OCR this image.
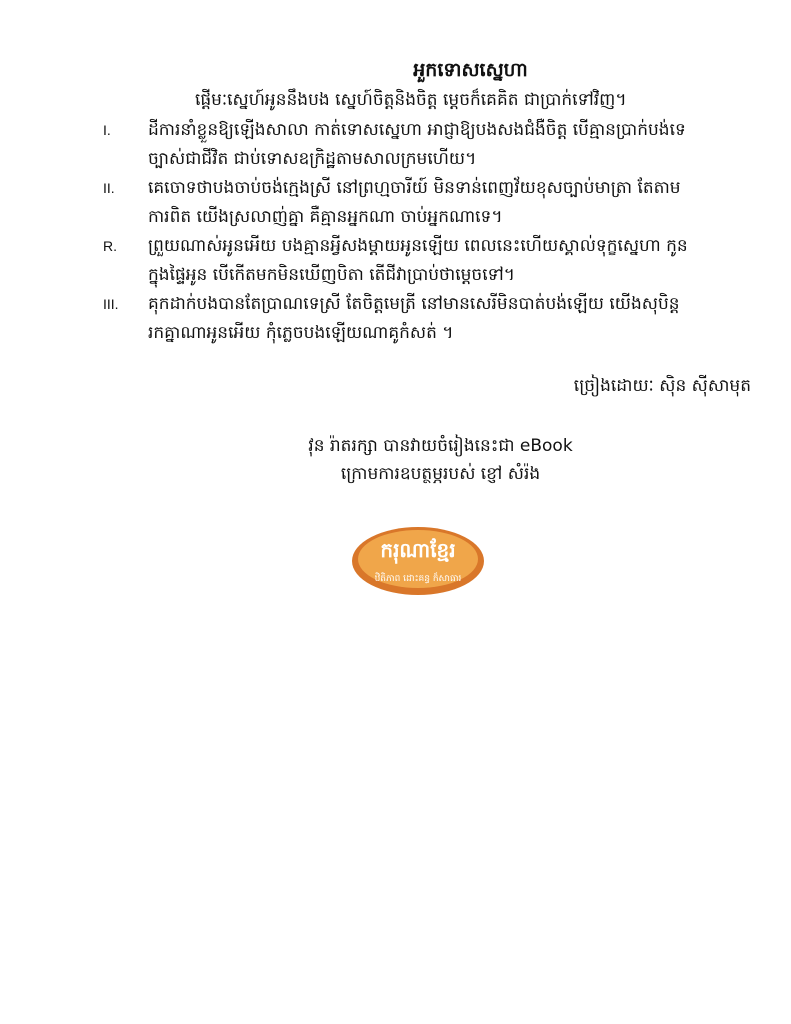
អួកទោសស្នេហា
ផ្តើមៈស្នេហ៍អូននឹងបង ស្នេហ៍ចិត្តនិងចិត្ត ម្តេចក៏គេគិត ជាប្រាក់ទៅវិញ។
I. ដីការនាំខ្លួនឱ្យឡើងសាលា កាត់ទោសស្នេហា អាជ្ញាឱ្យបងសងជំងឺចិត្ត បើគ្មានប្រាក់បង់ទេ
ច្បាស់ជាជីវិត ជាប់ទោសឧក្រិដ្ឋតាមសាលក្រមហើយ។
II. គេចោទថាបងចាប់ចង់ក្មេងស្រី នៅព្រហ្មចារីយ៍ មិនទាន់ពេញវ័យខុសច្បាប់មាត្រា តែតាម
ការពិត យើងស្រលាញ់គ្នា គឺគ្មានអ្នកណា ចាប់អ្នកណាទេ។
R. ព្រួយណាស់អូនអើយ បងគ្មានអ្វីសងម្តាយអូនឡើយ ពេលនេះហើយស្គាល់ទុក្ខស្នេហា កូន
ក្នុងផ្ទៃអូន បើកើតមកមិនឃើញបិតា តើជីវាប្រាប់ថាម្តេចទៅ។
III. គុកដាក់បងបានតែប្រាណទេស្រី តែចិត្តមេត្រី នៅមានសេរីមិនបាត់បង់ឡើយ យើងសុបិន្ត
រកគ្នាណាអូនអើយ កុំភ្លេចបងឡើយណាគូកំសត់ ។
ច្រៀងដោយៈ ស៊ិន ស៊ីសាមុត
វុន រ៉ាតរក្សា បានវាយចំរៀងនេះជា eBook
ក្រោមការឧបត្ថម្ភរបស់ ខ្ញៅ សំរ៉ង
ករុណាខ្មែរ
ឋិតិភាព ដោះគន្ធ ក៏សាធារ
